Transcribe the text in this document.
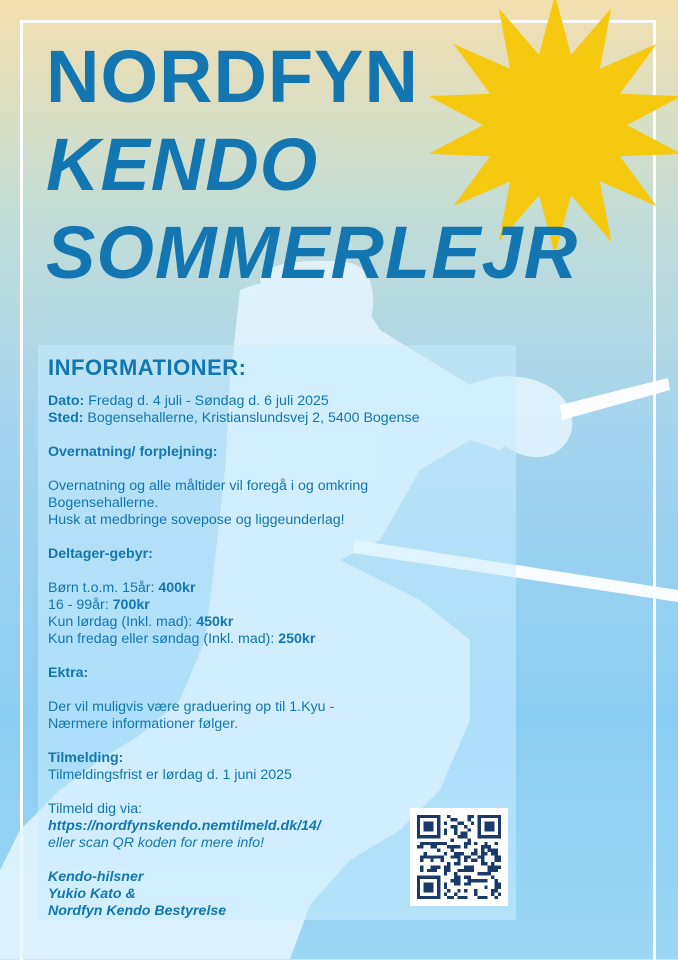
NORDFYN
KENDO
SOMMERLEJR
INFORMATIONER:

Dato: Fredag d. 4 juli - Søndag d. 6 juli 2025

Sted: Bogensehallerne, Kristianslundsvej 2, 5400 Bogense

Overnatning/ forplejning:

Overnatning og alle måltider vil foregå i og omkring

Bogensehallerne.

Husk at medbringe sovepose og liggeunderlag!

Deltager-gebyr:

Børn t.o.m. 15år: 400kr

16 - 99år: 700kr

Kun lørdag (Inkl. mad): 450kr

Kun fredag eller søndag (Inkl. mad): 250kr

Ektra:

Der vil muligvis være graduering op til 1.Kyu -

Nærmere informationer følger.

Tilmelding:

Tilmeldingsfrist er lørdag d. 1 juni 2025

Tilmeld dig via:

https://nordfynskendo.nemtilmeld.dk/14/

eller scan QR koden for mere info!

Kendo-hilsner

Yukio Kato &

Nordfyn Kendo Bestyrelse
